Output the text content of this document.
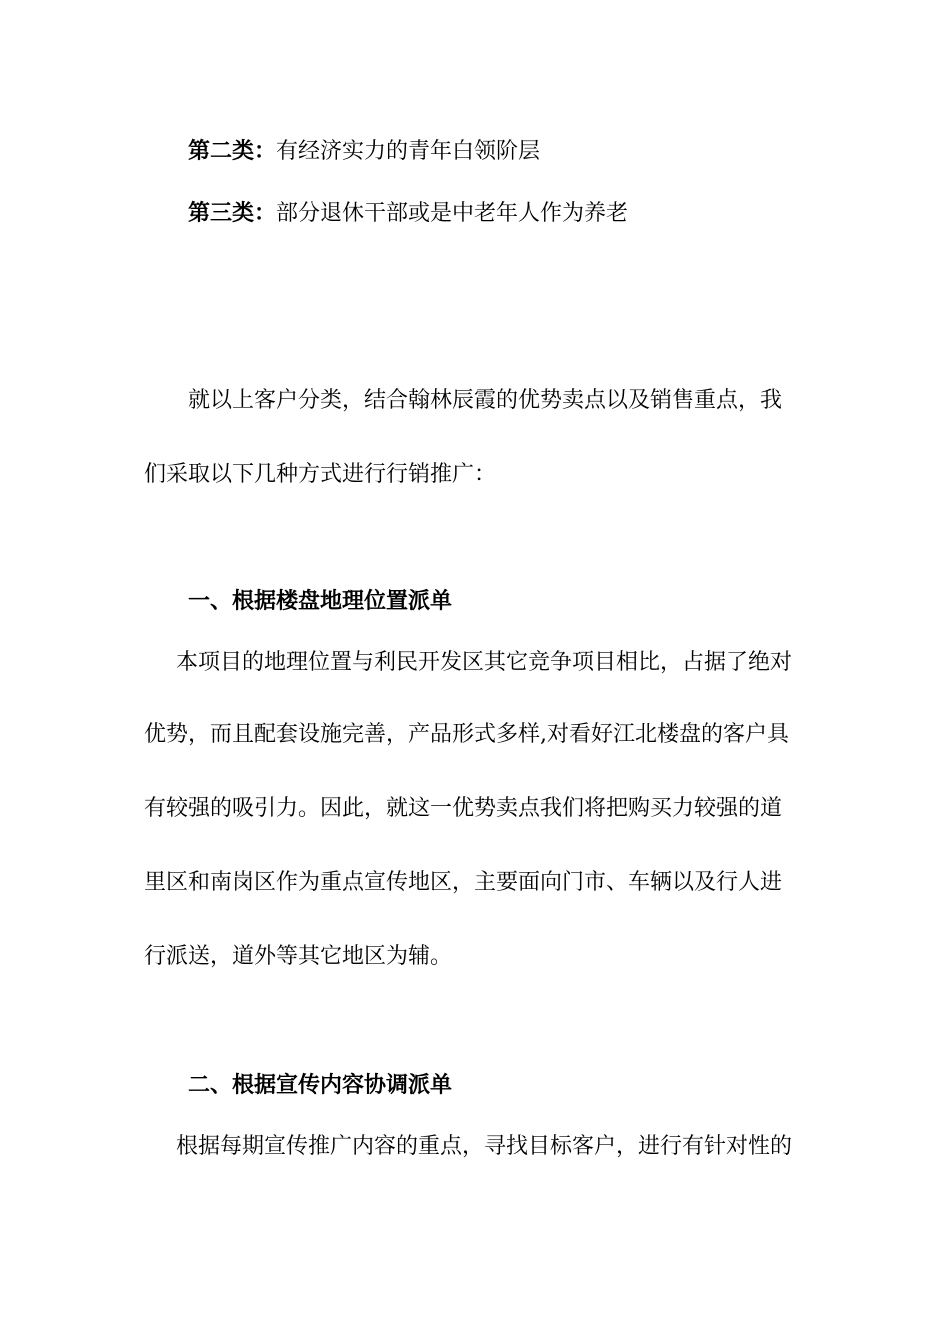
第二类：有经济实力的青年白领阶层
第三类：部分退休干部或是中老年人作为养老
就以上客户分类，结合翰林辰霞的优势卖点以及销售重点，我
们采取以下几种方式进行行销推广：
一、根据楼盘地理位置派单
本项目的地理位置与利民开发区其它竞争项目相比，占据了绝对
优势，而且配套设施完善，产品形式多样,对看好江北楼盘的客户具
有较强的吸引力。因此，就这一优势卖点我们将把购买力较强的道
里区和南岗区作为重点宣传地区，主要面向门市、车辆以及行人进
行派送，道外等其它地区为辅。
二、根据宣传内容协调派单
根据每期宣传推广内容的重点，寻找目标客户，进行有针对性的
